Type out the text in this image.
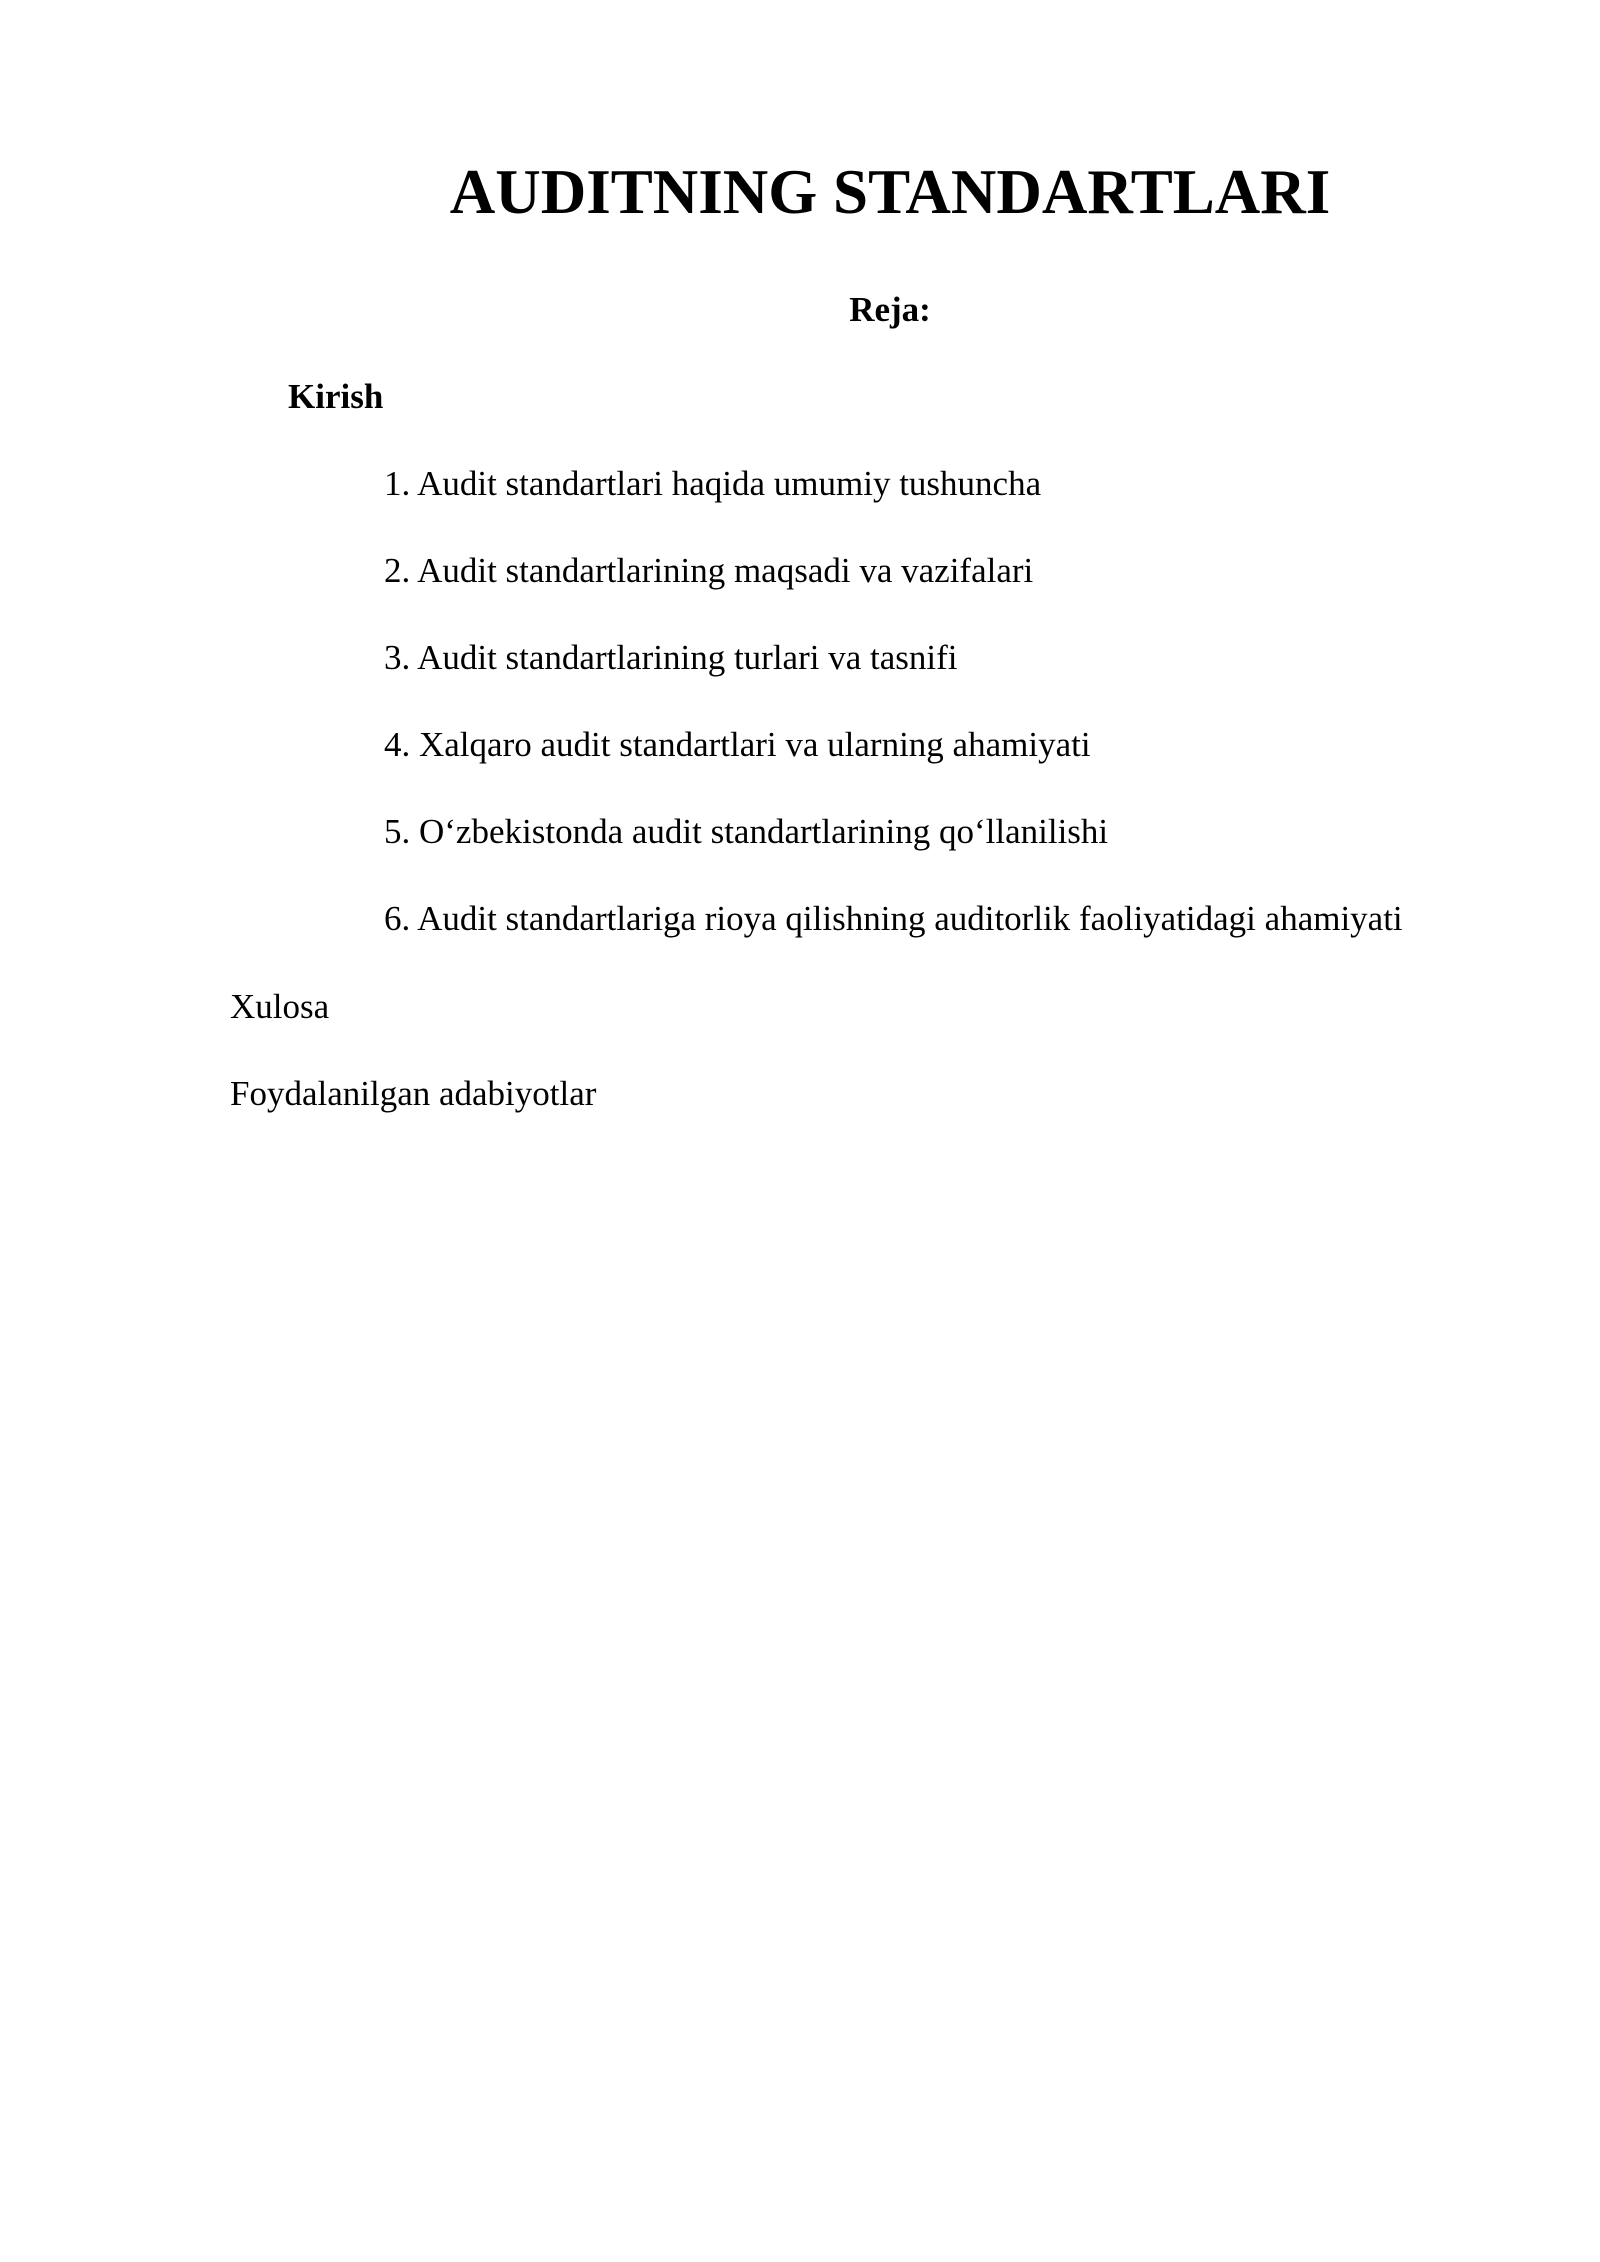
AUDITNING STANDARTLARI
Reja:
Kirish
1. Audit standartlari haqida umumiy tushuncha
2. Audit standartlarining maqsadi va vazifalari
3. Audit standartlarining turlari va tasnifi
4. Xalqaro audit standartlari va ularning ahamiyati
5. O‘zbekistonda audit standartlarining qo‘llanilishi
6. Audit standartlariga rioya qilishning auditorlik faoliyatidagi ahamiyati
Xulosa
Foydalanilgan adabiyotlar
